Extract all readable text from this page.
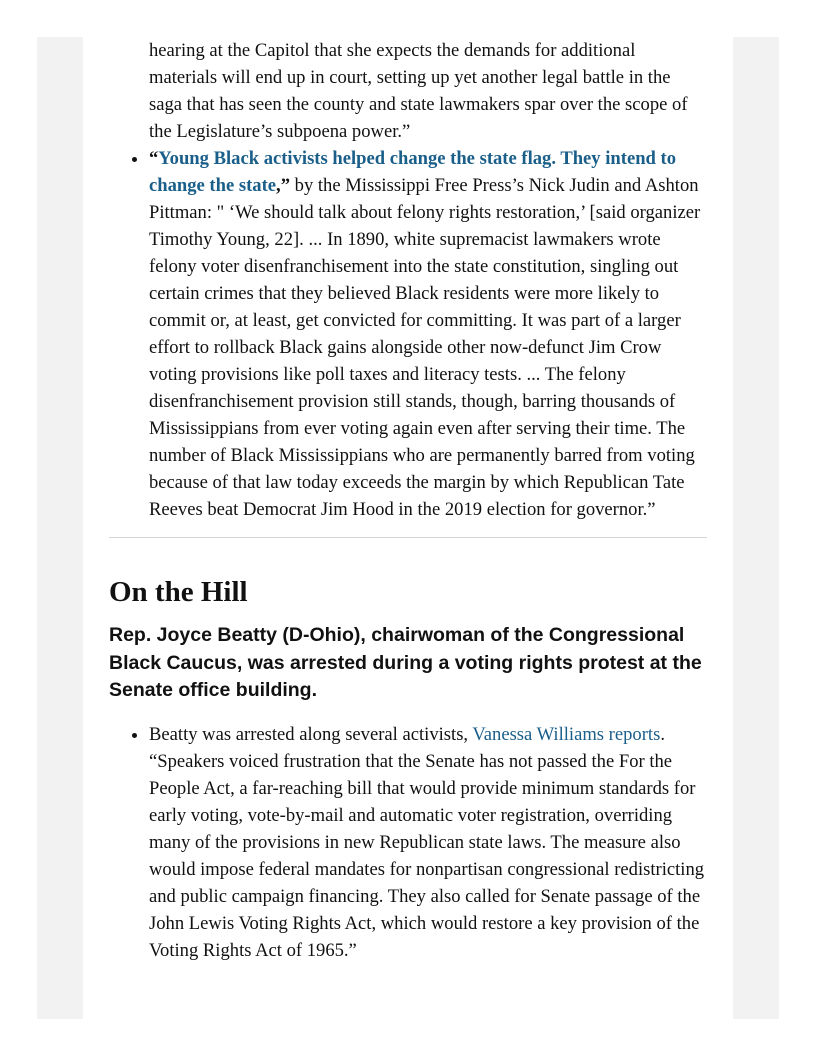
hearing at the Capitol that she expects the demands for additional materials will end up in court, setting up yet another legal battle in the saga that has seen the county and state lawmakers spar over the scope of the Legislature’s subpoena power.”
• “Young Black activists helped change the state flag. They intend to change the state,” by the Mississippi Free Press’s Nick Judin and Ashton Pittman: " ‘We should talk about felony rights restoration,’ [said organizer Timothy Young, 22]. ... In 1890, white supremacist lawmakers wrote felony voter disenfranchisement into the state constitution, singling out certain crimes that they believed Black residents were more likely to commit or, at least, get convicted for committing. It was part of a larger effort to rollback Black gains alongside other now-defunct Jim Crow voting provisions like poll taxes and literacy tests. ... The felony disenfranchisement provision still stands, though, barring thousands of Mississippians from ever voting again even after serving their time. The number of Black Mississippians who are permanently barred from voting because of that law today exceeds the margin by which Republican Tate Reeves beat Democrat Jim Hood in the 2019 election for governor.”
On the Hill
Rep. Joyce Beatty (D-Ohio), chairwoman of the Congressional Black Caucus, was arrested during a voting rights protest at the Senate office building.
• Beatty was arrested along several activists, Vanessa Williams reports. “Speakers voiced frustration that the Senate has not passed the For the People Act, a far-reaching bill that would provide minimum standards for early voting, vote-by-mail and automatic voter registration, overriding many of the provisions in new Republican state laws. The measure also would impose federal mandates for nonpartisan congressional redistricting and public campaign financing. They also called for Senate passage of the John Lewis Voting Rights Act, which would restore a key provision of the Voting Rights Act of 1965.”
